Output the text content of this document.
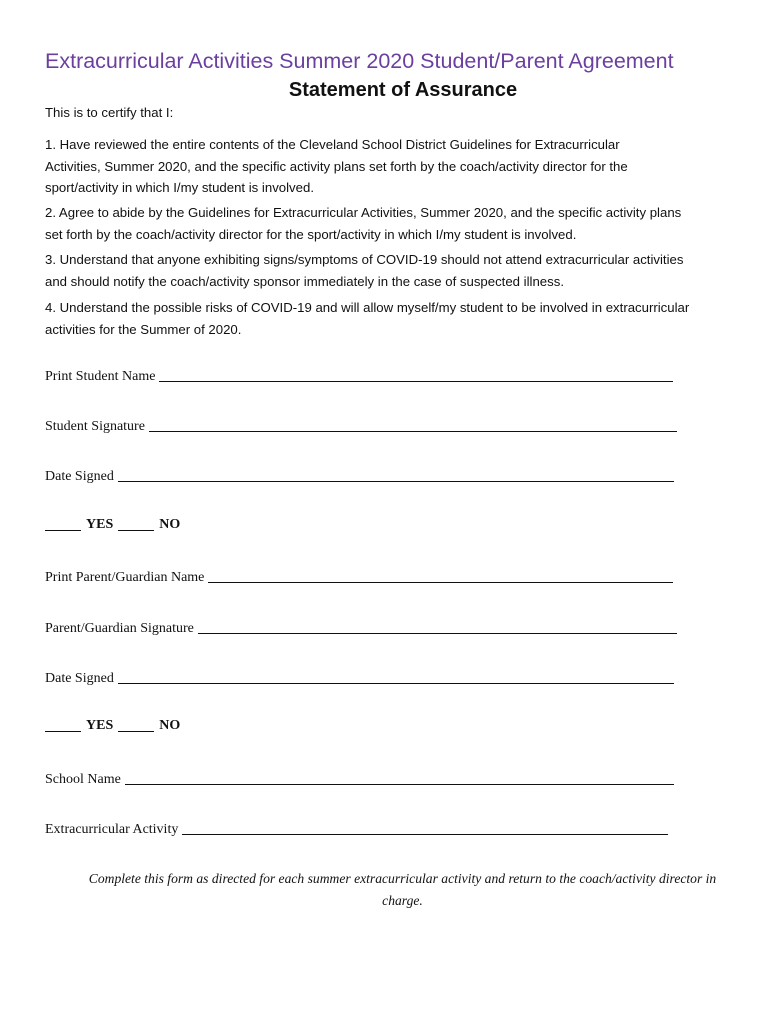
Extracurricular Activities Summer 2020 Student/Parent Agreement
Statement of Assurance
This is to certify that I:
1. Have reviewed the entire contents of the Cleveland School District Guidelines for Extracurricular
Activities, Summer 2020, and the specific activity plans set forth by the coach/activity director for the
sport/activity in which I/my student is involved.
2. Agree to abide by the Guidelines for Extracurricular Activities, Summer 2020, and the specific activity plans
set forth by the coach/activity director for the sport/activity in which I/my student is involved.
3. Understand that anyone exhibiting signs/symptoms of COVID-19 should not attend extracurricular activities
and should notify the coach/activity sponsor immediately in the case of suspected illness.
4. Understand the possible risks of COVID-19 and will allow myself/my student to be involved in extracurricular
activities for the Summer of 2020.
Print Student Name
Student Signature
Date Signed
YES	NO
Print Parent/Guardian Name
Parent/Guardian Signature
Date Signed
YES	NO
School Name
Extracurricular Activity
Complete this form as directed for each summer extracurricular activity and return to the coach/activity director in
charge.
